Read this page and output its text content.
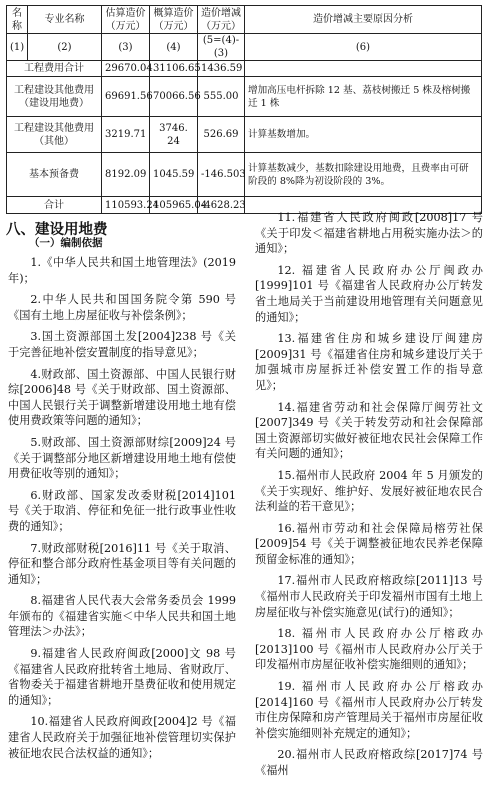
名称	专业名称	估算造价（万元）	概算造价（万元）	造价增减（万元）	造价增减主要原因分析
(1)	(2)	(3)	(4)	(5=(4)-(3)	(6)
工程费用合计		29670.04	31106.65	1436.59	
工程建设其他费用（建设用地费）		69691.56	70066.56	555.00	增加高压电杆拆除 12 基、荔枝树搬迁 5 株及榕树搬迁 1 株
工程建设其他费用（其他）		3219.71	3746. 24	526.69	计算基数增加。
基本预备费		8192.09	1045.59	-146.503	计算基数减少，基数扣除建设用地费，且费率由可研阶段的 8%降为初设阶段的 3%。
合计		110593.24	105965.04	-4628.23	
八、建设用地费

（一）编制依据

1.《中华人民共和国土地管理法》(2019 年)；

2.中华人民共和国国务院令第 590 号《国有土地上房屋征收与补偿条例》；

3.国土资源部国土发[2004]238 号《关于完善征地补偿安置制度的指导意见》；

4.财政部、国土资源部、中国人民银行财综[2006]48 号《关于财政部、国土资源部、中国人民银行关于调整新增建设用地土地有偿使用费政策等问题的通知》；

5.财政部、国土资源部财综[2009]24 号《关于调整部分地区新增建设用地土地有偿使用费征收等别的通知》；

6.财政部、国家发改委财税[2014]101 号《关于取消、停征和免征一批行政事业性收费的通知》；

7.财政部财税[2016]11 号《关于取消、停征和整合部分政府性基金项目等有关问题的通知》；

8.福建省人民代表大会常务委员会 1999 年颁布的《福建省实施＜中华人民共和国土地管理法＞办法》；

9.福建省人民政府闽政[2000]文 98 号《福建省人民政府批转省土地局、省财政厅、省物委关于福建省耕地开垦费征收和使用规定的通知》；

10.福建省人民政府闽政[2004]2 号《福建省人民政府关于加强征地补偿管理切实保护被征地农民合法权益的通知》；

11.福建省人民政府闽政[2008]17 号《关于印发＜福建省耕地占用税实施办法＞的通知》；

12. 福建省人民政府办公厅闽政办[1999]101 号《福建省人民政府办公厅转发省土地局关于当前建设用地管理有关问题意见的通知》；

13.福建省住房和城乡建设厅闽建房[2009]31 号《福建省住房和城乡建设厅关于加强城市房屋拆迁补偿安置工作的指导意见》；

14.福建省劳动和社会保障厅闽劳社文[2007]349 号《关于转发劳动和社会保障部国土资源部切实做好被征地农民社会保障工作有关问题的通知》；

15.福州市人民政府 2004 年 5 月颁发的《关于实现好、维护好、发展好被征地农民合法利益的若干意见》；

16.福州市劳动和社会保障局榕劳社保[2009]54 号《关于调整被征地农民养老保障预留金标准的通知》；

17.福州市人民政府榕政综[2011]13 号《福州市人民政府关于印发福州市国有土地上房屋征收与补偿实施意见(试行)的通知》；

18. 福州市人民政府办公厅榕政办[2013]100 号《福州市人民政府办公厅关于印发福州市房屋征收补偿实施细则的通知》；

19. 福州市人民政府办公厅榕政办[2014]160 号《福州市人民政府办公厅转发市住房保障和房产管理局关于福州市房屋征收补偿实施细则补充规定的通知》；

20.福州市人民政府榕政综[2017]74 号《福州
